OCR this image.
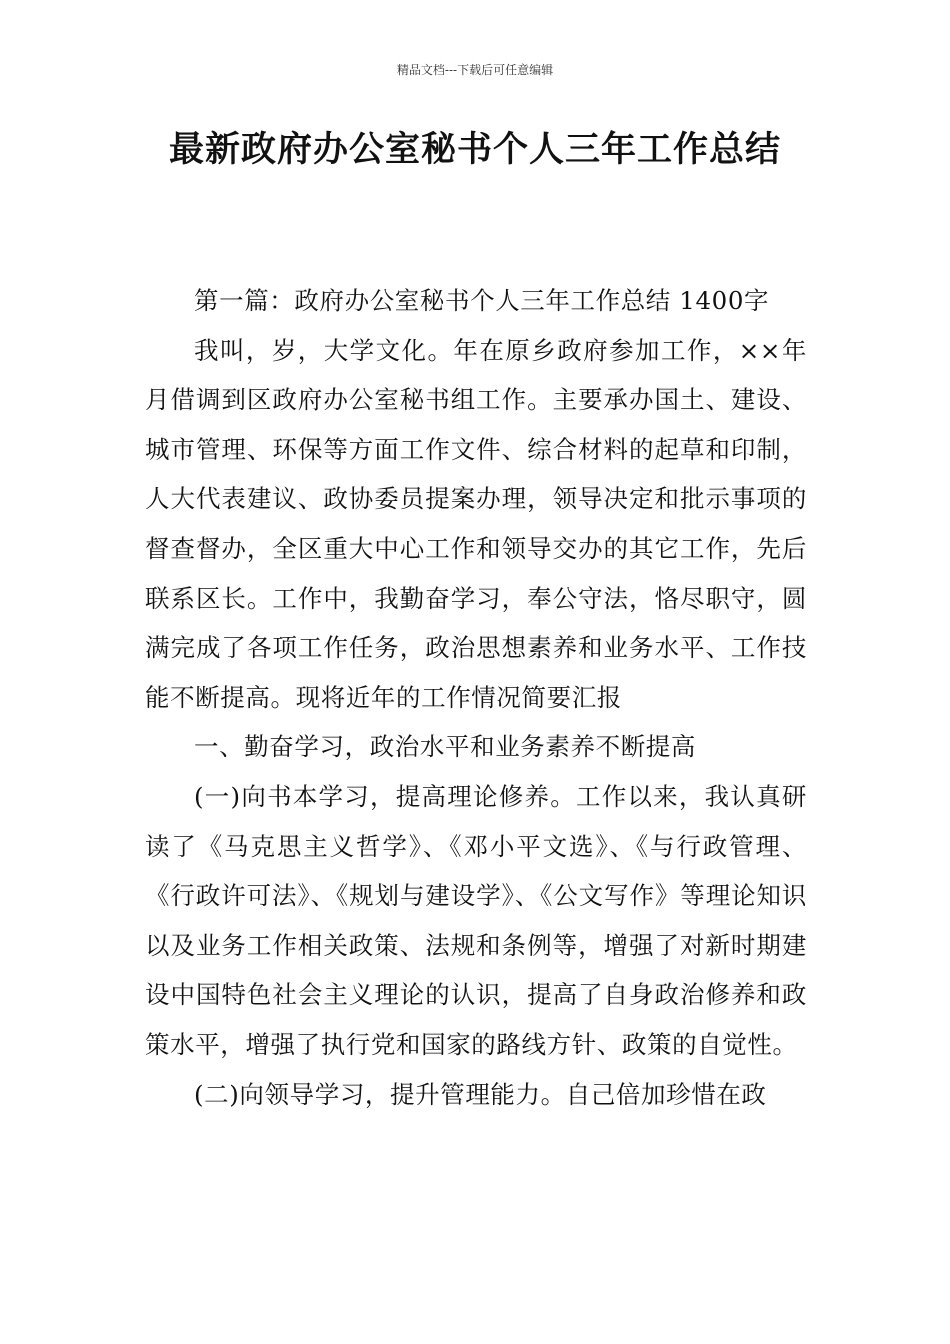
精品文档---下载后可任意编辑
最新政府办公室秘书个人三年工作总结

第一篇：政府办公室秘书个人三年工作总结 1400字

我叫，岁，大学文化。年在原乡政府参加工作，××年月借调到区政府办公室秘书组工作。主要承办国土、建设、城市管理、环保等方面工作文件、综合材料的起草和印制，人大代表建议、政协委员提案办理，领导决定和批示事项的督查督办，全区重大中心工作和领导交办的其它工作，先后联系区长。工作中，我勤奋学习，奉公守法，恪尽职守，圆满完成了各项工作任务，政治思想素养和业务水平、工作技 能不断提高。现将近年的工作情况简要汇报

一、勤奋学习，政治水平和业务素养不断提高

(一)向书本学习，提高理论修养。工作以来，我认真研读了《马克思主义哲学》、《邓小平文选》、《与行政管理、《行政许可法》、《规划与建设学》、《公文写作》等理论知识以及业务工作相关政策、法规和条例等，增强了对新时期建设中国特色社会主义理论的认识，提高了自身政治修养和政策水平，增强了执行党和国家的路线方针、政策的自觉性。

(二)向领导学习，提升管理能力。自己倍加珍惜在政
